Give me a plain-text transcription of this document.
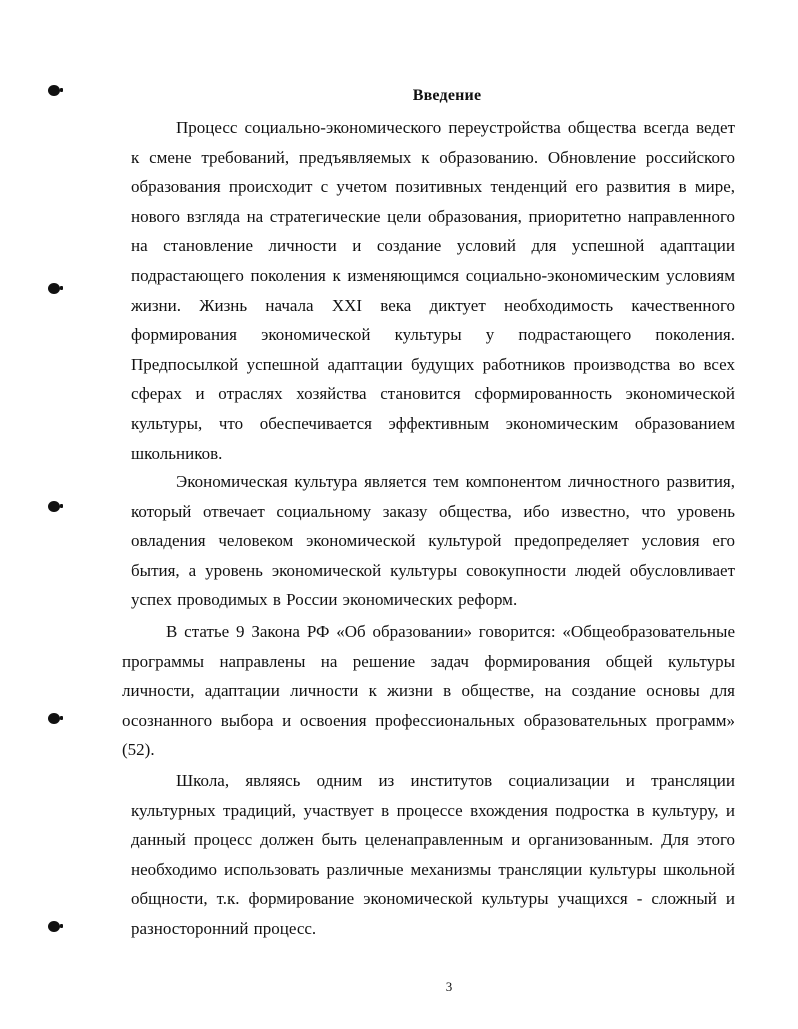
Введение

Процесс социально-экономического переустройства общества всегда ведет к смене требований, предъявляемых к образованию. Обновление российского образования происходит с учетом позитивных тенденций его развития в мире, нового взгляда на стратегические цели образования, приоритетно направленного на становление личности и создание условий для успешной адаптации подрастающего поколения к изменяющимся социально-экономическим условиям жизни. Жизнь начала XXI века диктует необходимость качественного формирования экономической культуры у подрастающего поколения. Предпосылкой успешной адаптации будущих работников производства во всех сферах и отраслях хозяйства становится сформированность экономической культуры, что обеспечивается эффективным экономическим образованием школьников.

Экономическая культура является тем компонентом личностного развития, который отвечает социальному заказу общества, ибо известно, что уровень овладения человеком экономической культурой предопределяет условия его бытия, а уровень экономической культуры совокупности людей обусловливает успех проводимых в России экономических реформ.

В статье 9 Закона РФ «Об образовании» говорится: «Общеобразовательные программы направлены на решение задач формирования общей культуры личности, адаптации личности к жизни в обществе, на создание основы для осознанного выбора и освоения профессиональных образовательных программ» (52).

Школа, являясь одним из институтов социализации и трансляции культурных традиций, участвует в процессе вхождения подростка в культуру, и данный процесс должен быть целенаправленным и организованным. Для этого необходимо использовать различные механизмы трансляции культуры школьной общности, т.к. формирование экономической культуры учащихся - сложный и разносторонний процесс.

3
